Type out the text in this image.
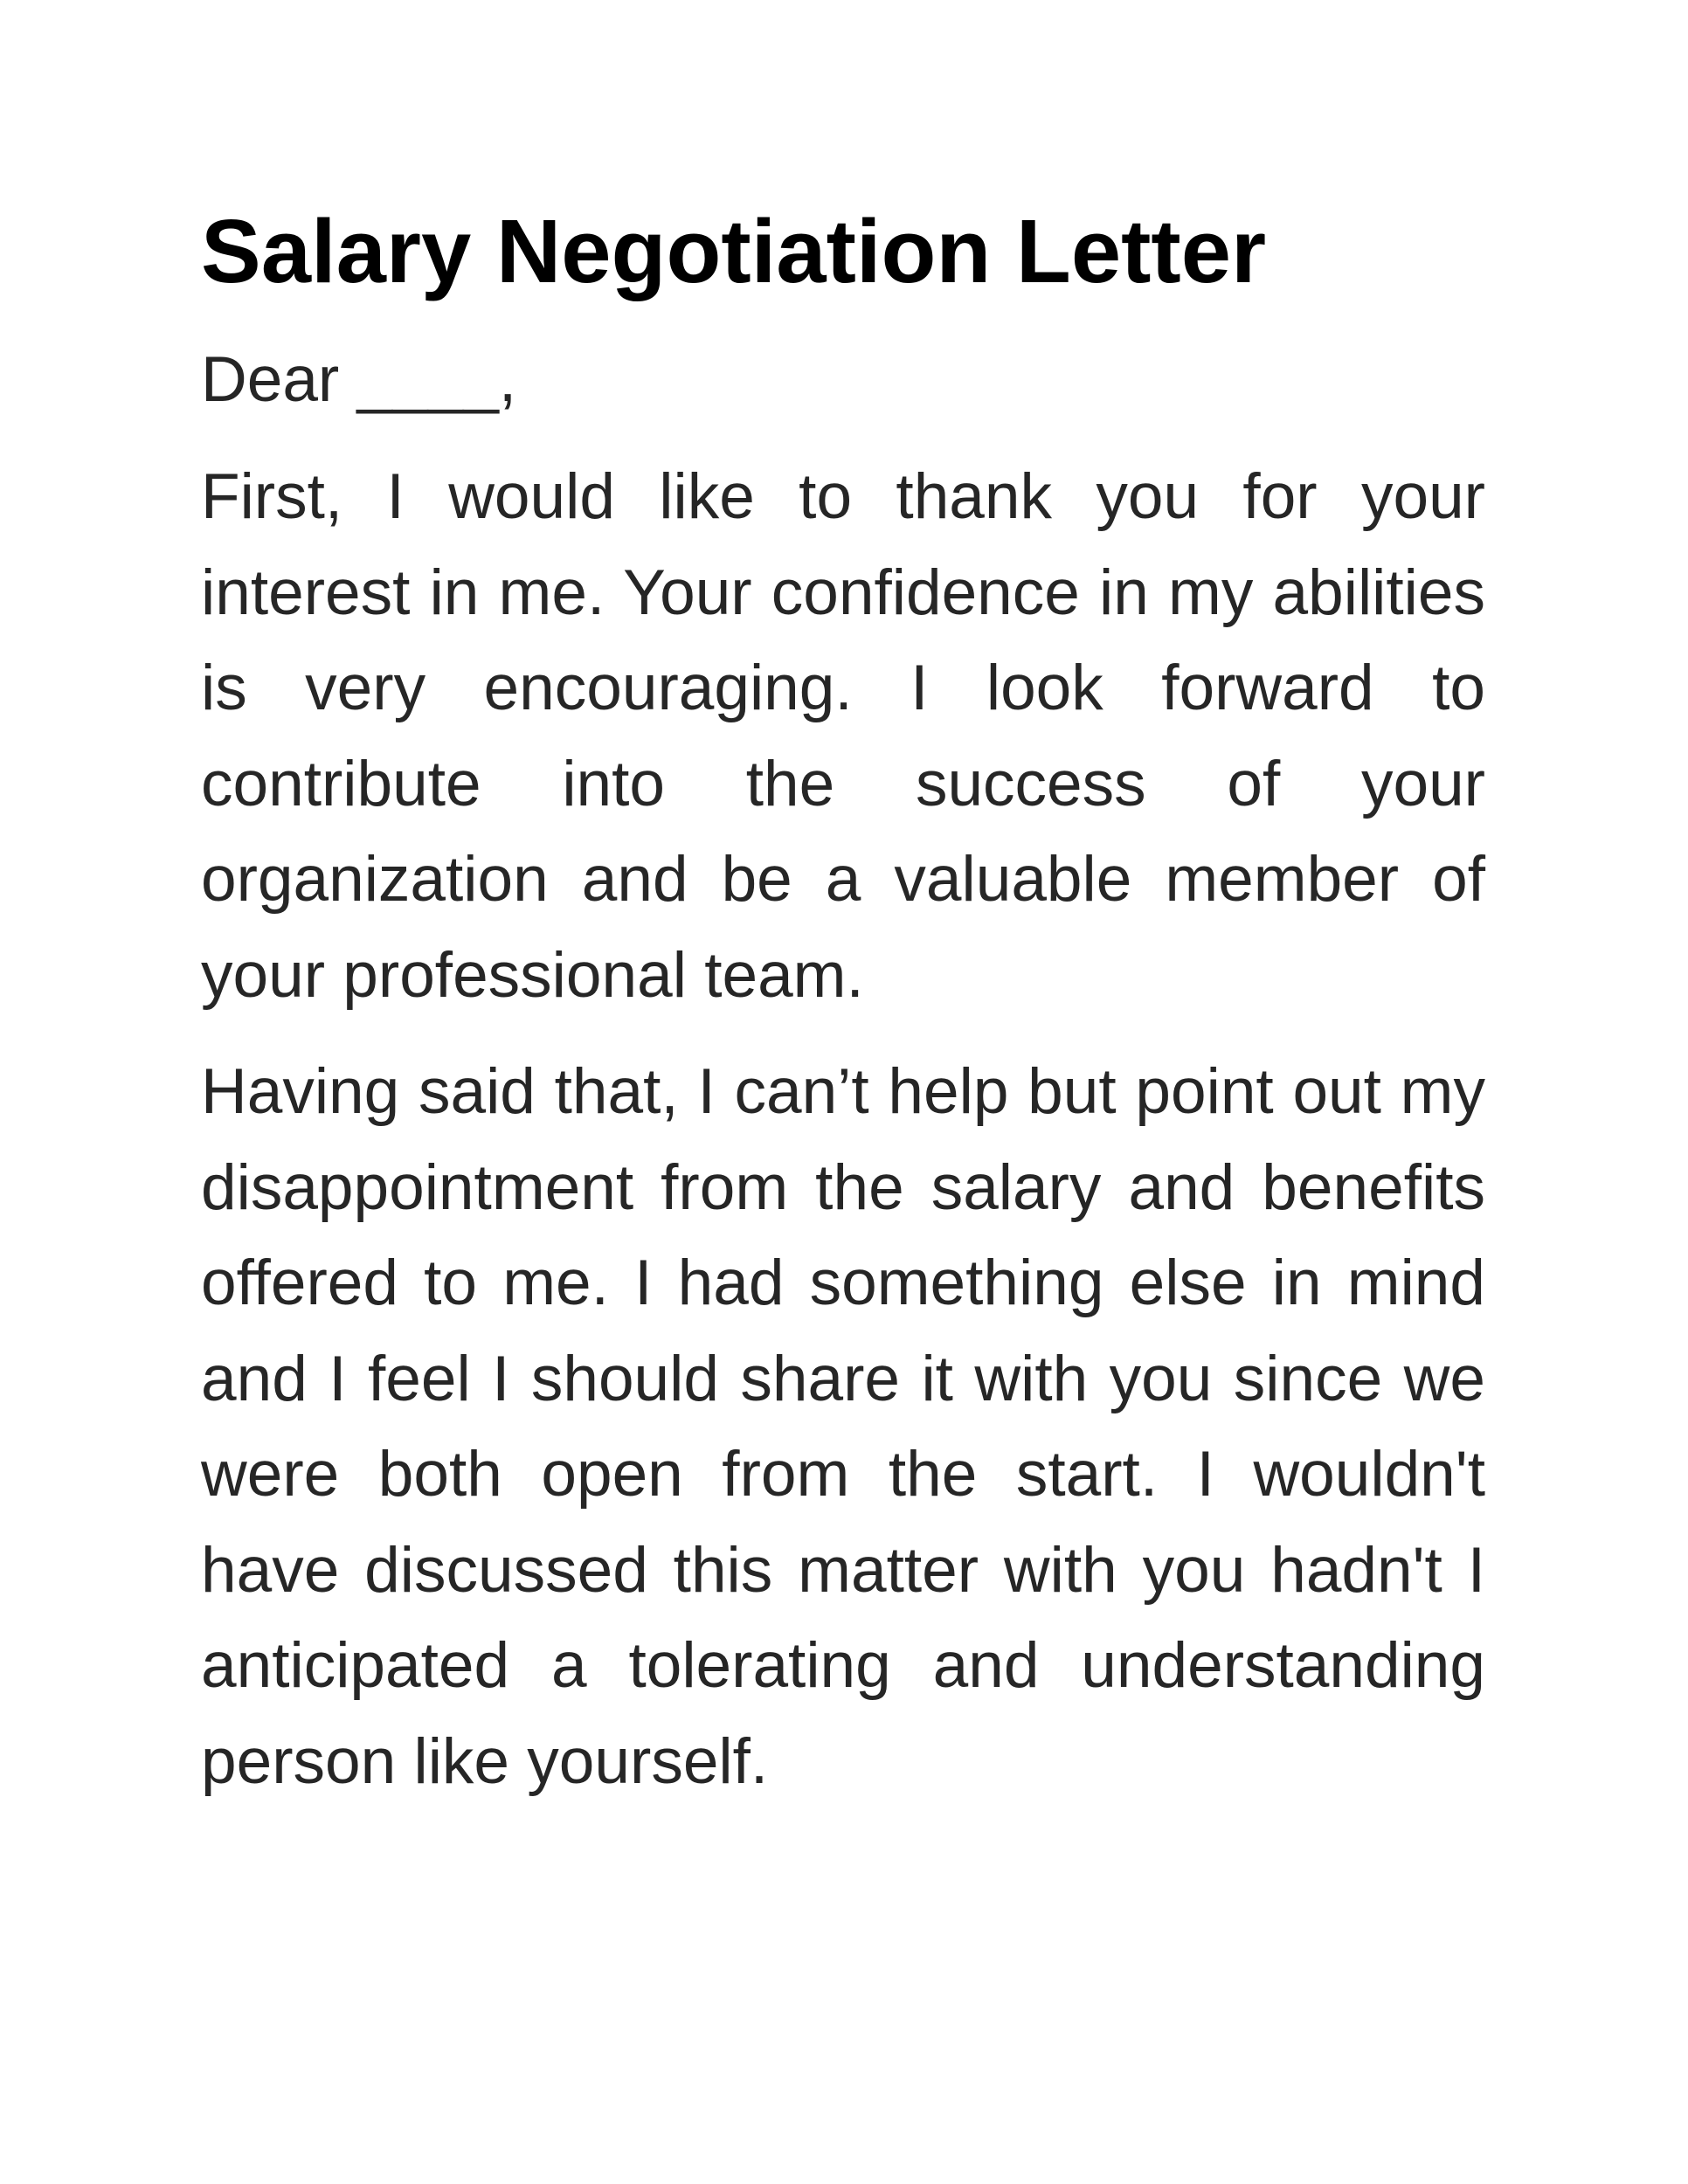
Salary Negotiation Letter

Dear ____,

First, I would like to thank you for your interest in me. Your confidence in my abilities is very encouraging. I look forward to contribute into the success of your organization and be a valuable member of your professional team.

Having said that, I can’t help but point out my disappointment from the salary and benefits offered to me. I had something else in mind and I feel I should share it with you since we were both open from the start. I wouldn't have discussed this matter with you hadn't I anticipated a tolerating and understanding person like yourself.
